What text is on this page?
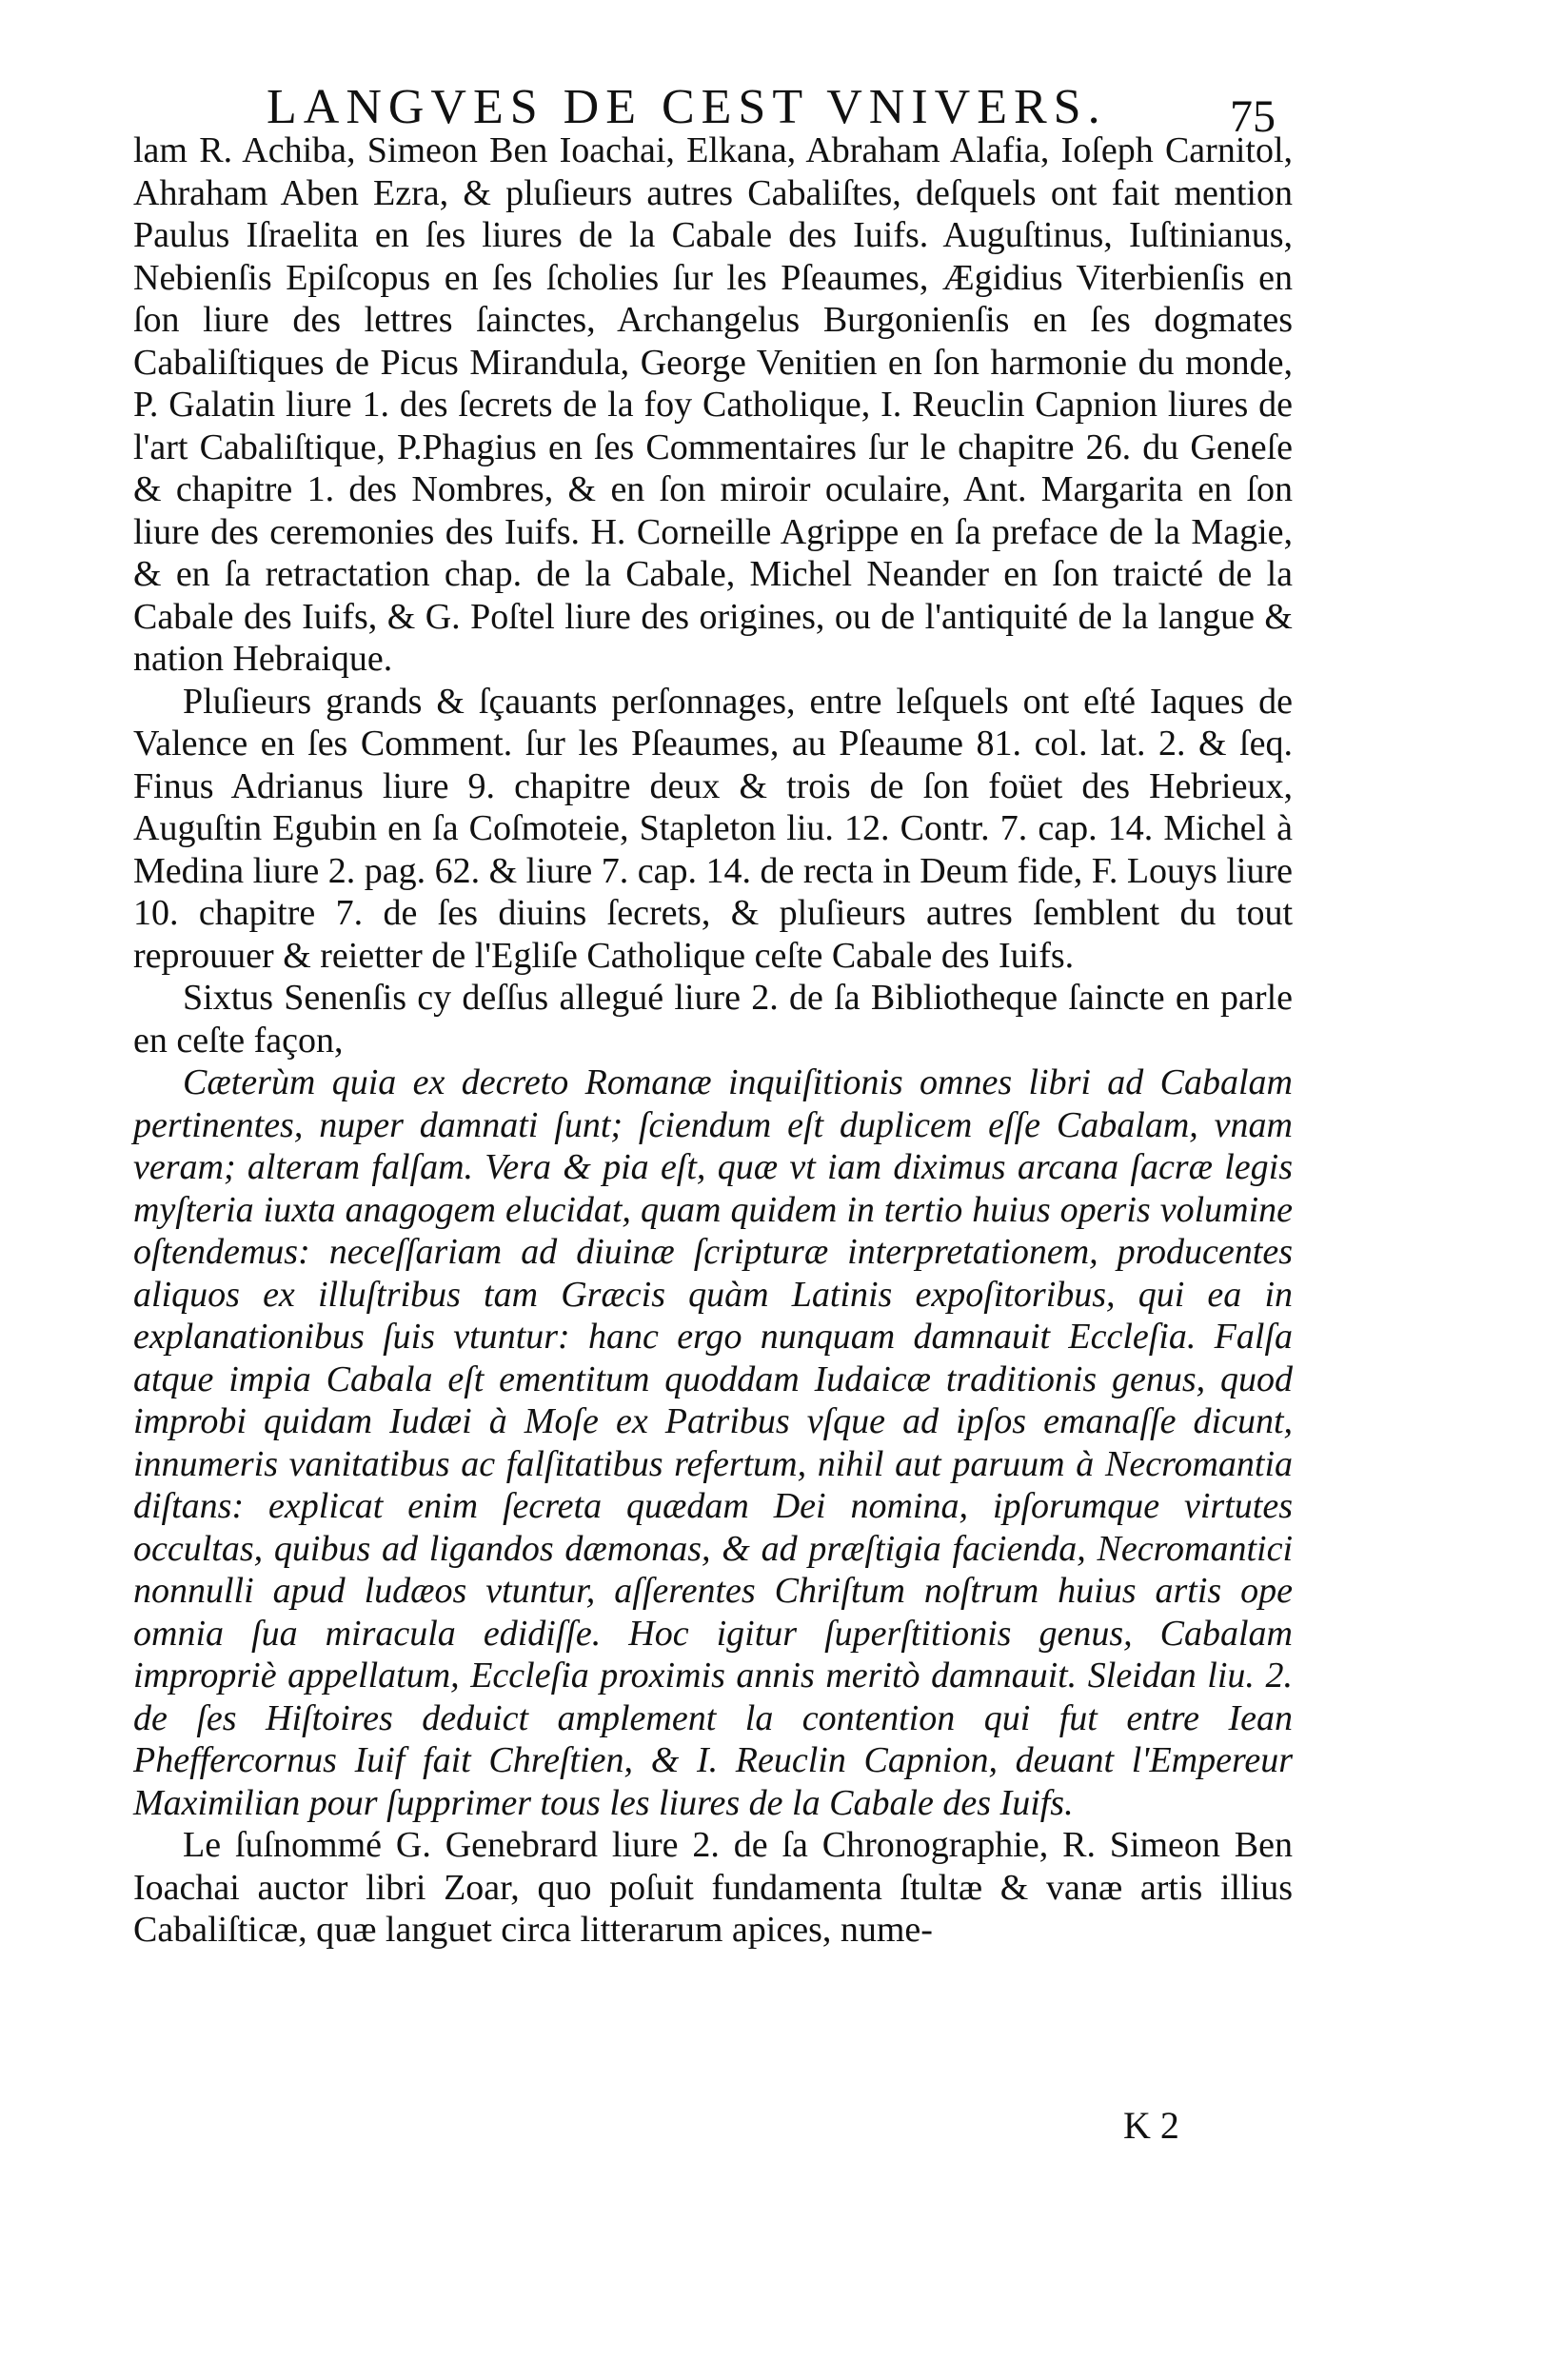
LANGVES DE CEST VNIVERS.	75

lam R. Achiba, Simeon Ben Ioachai, Elkana, Abraham Alafia, Ioſeph Carnitol, Ahraham Aben Ezra, & pluſieurs autres Cabaliſtes, deſquels ont fait mention Paulus Iſraelita en ſes liures de la Cabale des Iuifs. Auguſtinus, Iuſtinianus, Nebienſis Epiſcopus en ſes ſcholies ſur les Pſeaumes, Ægidius Viterbienſis en ſon liure des lettres ſainctes, Archangelus Burgonienſis en ſes dogmates Cabaliſtiques de Picus Mirandula, George Venitien en ſon harmonie du monde, P. Galatin liure 1. des ſecrets de la foy Catholique, I. Reuclin Capnion liures de l'art Cabaliſtique, P.Phagius en ſes Commentaires ſur le chapitre 26. du Geneſe & chapitre 1. des Nombres, & en ſon miroir oculaire, Ant. Margarita en ſon liure des ceremonies des Iuifs. H. Corneille Agrippe en ſa preface de la Magie, & en ſa retractation chap. de la Cabale, Michel Neander en ſon traicté de la Cabale des Iuifs, & G. Poſtel liure des origines, ou de l'antiquité de la langue & nation Hebraique.

Pluſieurs grands & ſçauants perſonnages, entre leſquels ont eſté Iaques de Valence en ſes Comment. ſur les Pſeaumes, au Pſeaume 81. col. lat. 2. & ſeq. Finus Adrianus liure 9. chapitre deux & trois de ſon foüet des Hebrieux, Auguſtin Egubin en ſa Coſmoteie, Stapleton liu. 12. Contr. 7. cap. 14. Michel à Medina liure 2. pag. 62. & liure 7. cap. 14. de recta in Deum fide, F. Louys liure 10. chapitre 7. de ſes diuins ſecrets, & pluſieurs autres ſemblent du tout reprouuer & reietter de l'Egliſe Catholique ceſte Cabale des Iuifs.

Sixtus Senenſis cy deſſus allegué liure 2. de ſa Bibliotheque ſaincte en parle en ceſte façon,

Cæterùm quia ex decreto Romanæ inquiſitionis omnes libri ad Cabalam pertinentes, nuper damnati ſunt; ſciendum eſt duplicem eſſe Cabalam, vnam veram; alteram falſam. Vera & pia eſt, quæ vt iam diximus arcana ſacræ legis myſteria iuxta anagogem elucidat, quam quidem in tertio huius operis volumine oſtendemus: neceſſariam ad diuinæ ſcripturæ interpretationem, producentes aliquos ex illuſtribus tam Græcis quàm Latinis expoſitoribus, qui ea in explanationibus ſuis vtuntur: hanc ergo nunquam damnauit Eccleſia. Falſa atque impia Cabala eſt ementitum quoddam Iudaicæ traditionis genus, quod improbi quidam Iudæi à Moſe ex Patribus vſque ad ipſos emanaſſe dicunt, innumeris vanitatibus ac falſitatibus refertum, nihil aut paruum à Necromantia diſtans: explicat enim ſecreta quædam Dei nomina, ipſorumque virtutes occultas, quibus ad ligandos dæmonas, & ad præſtigia facienda, Necromantici nonnulli apud ludæos vtuntur, aſſerentes Chriſtum noſtrum huius artis ope omnia ſua miracula edidiſſe. Hoc igitur ſuperſtitionis genus, Cabalam impropriè appellatum, Eccleſia proximis annis meritò damnauit. Sleidan liu. 2. de ſes Hiſtoires deduict amplement la contention qui fut entre Iean Pheffercornus Iuif fait Chreſtien, & I. Reuclin Capnion, deuant l'Empereur Maximilian pour ſupprimer tous les liures de la Cabale des Iuifs.

Le ſuſnommé G. Genebrard liure 2. de ſa Chronographie, R. Simeon Ben Ioachai auctor libri Zoar, quo poſuit fundamenta ſtultæ & vanæ artis illius Cabaliſticæ, quæ languet circa litterarum apices, nume-

K 2
